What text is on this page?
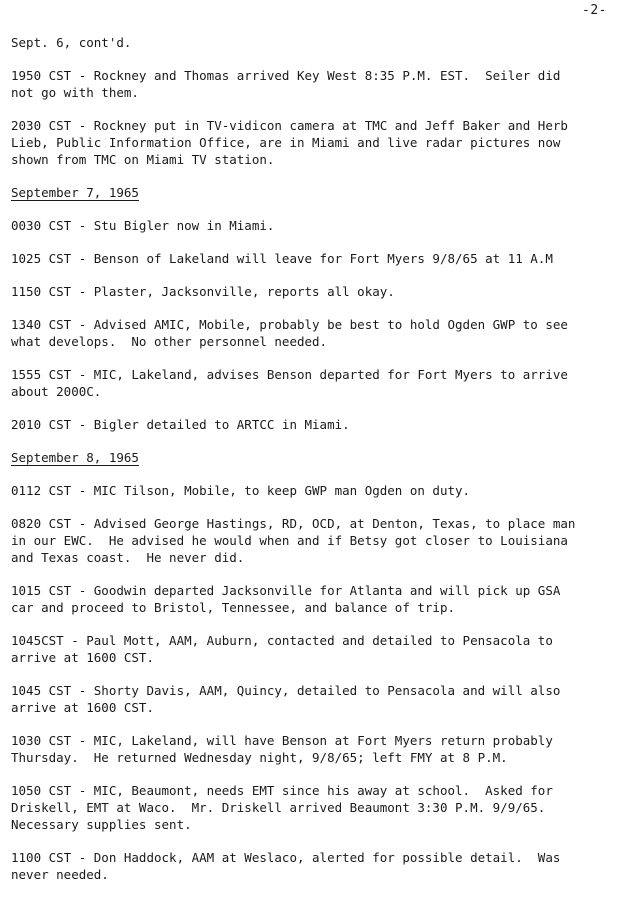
-2-
Sept. 6, cont'd.
1950 CST - Rockney and Thomas arrived Key West 8:35 P.M. EST.  Seiler did
not go with them.
2030 CST - Rockney put in TV-vidicon camera at TMC and Jeff Baker and Herb
Lieb, Public Information Office, are in Miami and live radar pictures now
shown from TMC on Miami TV station.
September 7, 1965
0030 CST - Stu Bigler now in Miami.
1025 CST - Benson of Lakeland will leave for Fort Myers 9/8/65 at 11 A.M
1150 CST - Plaster, Jacksonville, reports all okay.
1340 CST - Advised AMIC, Mobile, probably be best to hold Ogden GWP to see
what develops.  No other personnel needed.
1555 CST - MIC, Lakeland, advises Benson departed for Fort Myers to arrive
about 2000C.
2010 CST - Bigler detailed to ARTCC in Miami.
September 8, 1965
0112 CST - MIC Tilson, Mobile, to keep GWP man Ogden on duty.
0820 CST - Advised George Hastings, RD, OCD, at Denton, Texas, to place man
in our EWC.  He advised he would when and if Betsy got closer to Louisiana
and Texas coast.  He never did.
1015 CST - Goodwin departed Jacksonville for Atlanta and will pick up GSA
car and proceed to Bristol, Tennessee, and balance of trip.
1045CST - Paul Mott, AAM, Auburn, contacted and detailed to Pensacola to
arrive at 1600 CST.
1045 CST - Shorty Davis, AAM, Quincy, detailed to Pensacola and will also
arrive at 1600 CST.
1030 CST - MIC, Lakeland, will have Benson at Fort Myers return probably
Thursday.  He returned Wednesday night, 9/8/65; left FMY at 8 P.M.
1050 CST - MIC, Beaumont, needs EMT since his away at school.  Asked for
Driskell, EMT at Waco.  Mr. Driskell arrived Beaumont 3:30 P.M. 9/9/65.
Necessary supplies sent.
1100 CST - Don Haddock, AAM at Weslaco, alerted for possible detail.  Was
never needed.
